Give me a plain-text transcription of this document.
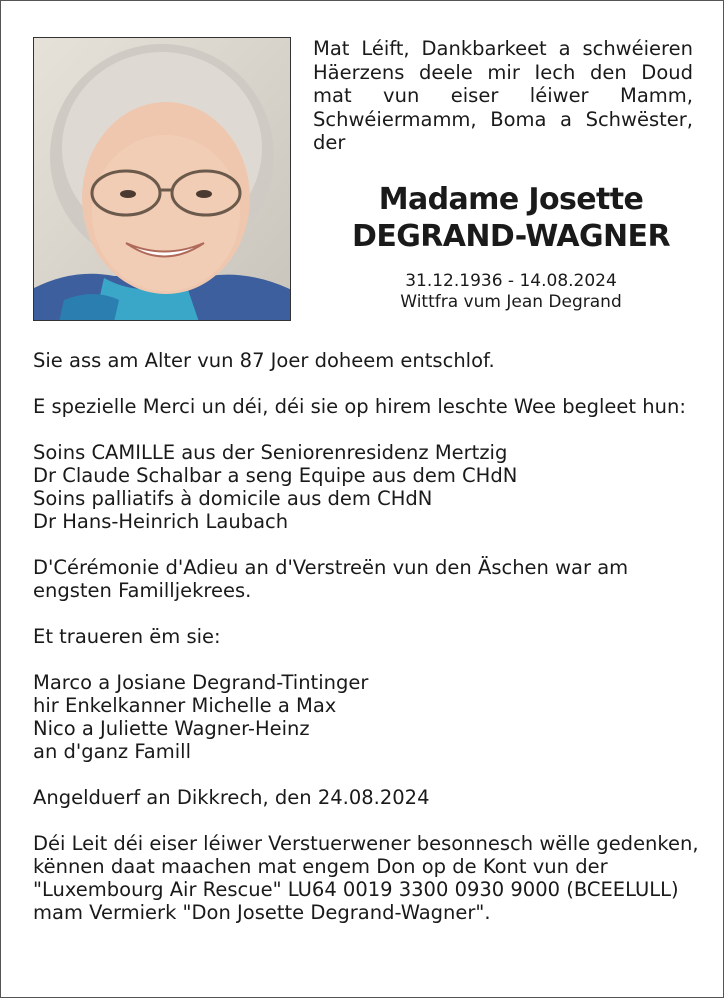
Mat Léift, Dankbarkeet a schwéieren Häerzens deele mir Iech den Doud mat vun eiser léiwer Mamm, Schwéiermamm, Boma a Schwëster, der

Madame Josette
DEGRAND-WAGNER
31.12.1936 - 14.08.2024
Wittfra vum Jean Degrand

Sie ass am Alter vun 87 Joer doheem entschlof.

E spezielle Merci un déi, déi sie op hirem leschte Wee begleet hun:

Soins CAMILLE aus der Seniorenresidenz Mertzig

Dr Claude Schalbar a seng Equipe aus dem CHdN

Soins palliatifs à domicile aus dem CHdN

Dr Hans-Heinrich Laubach

D'Cérémonie d'Adieu an d'Verstreën vun den Äschen war am engsten Familljekrees.

Et traueren ëm sie:

Marco a Josiane Degrand-Tintinger

hir Enkelkanner Michelle a Max

Nico a Juliette Wagner-Heinz

an d'ganz Famill

Angelduerf an Dikkrech, den 24.08.2024

Déi Leit déi eiser léiwer Verstuerwener besonnesch wëlle gedenken, kënnen daat maachen mat engem Don op de Kont vun der "Luxembourg Air Rescue" LU64 0019 3300 0930 9000 (BCEELULL) mam Vermierk "Don Josette Degrand-Wagner".
